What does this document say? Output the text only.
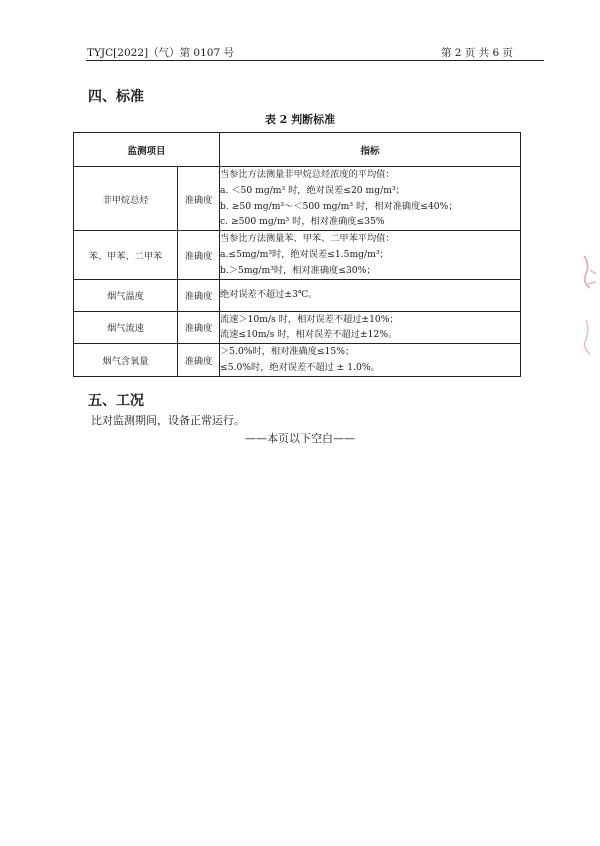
TYJC[2022]（气）第 0107 号	第 2 页 共 6 页
四、标准
表 2 判断标准
监测项目		指标
非甲烷总烃	准确度	当参比方法测量非甲烷总烃浓度的平均值：
a. ＜50 mg/m³ 时，绝对误差≤20 mg/m³；
b. ≥50 mg/m³～＜500 mg/m³ 时，相对准确度≤40%；
c. ≥500 mg/m³ 时，相对准确度≤35%

苯、甲苯、二甲苯	准确度	当参比方法测量苯、甲苯、二甲苯平均值：
a.≤5mg/m³时，绝对误差≤1.5mg/m³；
b.＞5mg/m³时，相对准确度≤30%；

烟气温度	准确度	绝对误差不超过±3℃。

烟气流速	准确度	流速＞10m/s 时，相对误差不超过±10%；
流速≤10m/s 时，相对误差不超过±12%。

烟气含氧量	准确度	＞5.0%时，相对准确度≤15%；
≤5.0%时，绝对误差不超过 ± 1.0%。
五、工况
比对监测期间，设备正常运行。
——本页以下空白——
